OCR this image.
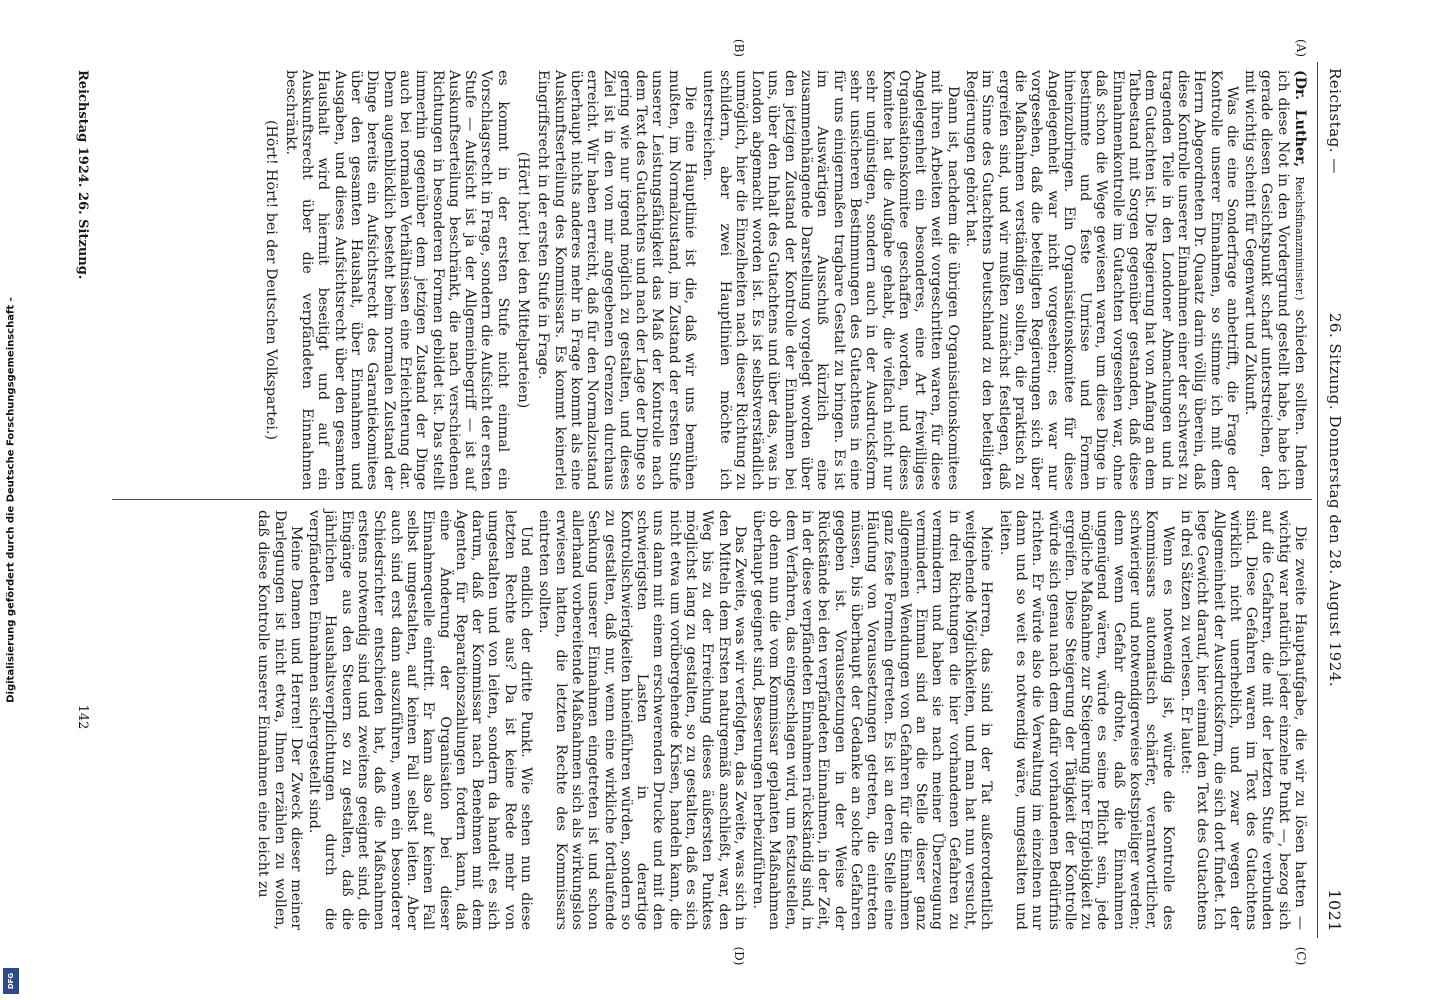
Digitalisierung gefördert durch die Deutsche Forschungsgemeinschaft -
DFG
Reichstag. —
26. Sitzung. Donnerstag den 28. August 1924.
1021
(A)
(B)
(C)
(D)

(Dr. Luther, Reichsfinanzminister.) schieden sollten. Indem ich diese Not in den Vordergrund gestellt habe, habe ich gerade diesen Gesichtspunkt scharf unterstreichen, der mit wichtig scheint für Gegenwart und Zukunft.

Was die eine Sonderfrage anbetrifft, die Frage der Kontrolle unserer Einnahmen, so stimme ich mit dem Herrn Abgeordneten Dr. Quaatz darin völlig überein, daß diese Kontrolle unserer Einnahmen einer der schwerst zu tragenden Teile in den Londoner Abmachungen und in dem Gutachten ist. Die Regierung hat von Anfang an dem Tatbestand mit Sorgen gegenüber gestanden, daß diese Einnahmenkontrolle im Gutachten vorgesehen war, ohne daß schon die Wege gewiesen waren, um diese Dinge in bestimmte und feste Umrisse und Formen hineinzubringen. Ein Organisationskomitee für diese Angelegenheit war nicht vorgesehen; es war nur vorgesehen, daß die beteiligten Regierungen sich über die Maßnahmen verständigen sollten, die praktisch zu ergreifen sind, und wir mußten zunächst festlegen, daß im Sinne des Gutachtens Deutschland zu den beteiligten Regierungen gehört hat.

Dann ist, nachdem die übrigen Organisationskomitees mit ihren Arbeiten weit vorgeschritten waren, für diese Angelegenheit ein besonderes, eine Art freiwilliges Organisationskomitee geschaffen worden, und dieses Komitee hat die Aufgabe gehabt, die vielfach nicht nur sehr ungünstigen, sondern auch in der Ausdrucksform sehr unsicheren Bestimmungen des Gutachtens in eine für uns einigermaßen tragbare Gestalt zu bringen. Es ist im Auswärtigen Ausschuß kürzlich eine zusammenhängende Darstellung vorgelegt worden über den jetzigen Zustand der Kontrolle der Einnahmen bei uns, über den Inhalt des Gutachtens und über das, was in London abgemacht worden ist. Es ist selbstverständlich unmöglich, hier die Einzelheiten nach dieser Richtung zu schildern, aber zwei Hauptlinien möchte ich unterstreichen.

Die eine Hauptlinie ist die, daß wir uns bemühen mußten, im Normalzustand, im Zustand der ersten Stufe unserer Leistungsfähigkeit das Maß der Kontrolle nach dem Text des Gutachtens und nach der Lage der Dinge so gering wie nur irgend möglich zu gestalten, und dieses Ziel ist in den von mir angegebenen Grenzen durchaus erreicht. Wir haben erreicht, daß für den Normalzustand überhaupt nichts anderes mehr in Frage kommt als eine Auskunftserteilung des Kommissars. Es kommt keinerlei Eingriffsrecht in der ersten Stufe in Frage.

(Hört! hört! bei den Mittelparteien)

es kommt in der ersten Stufe nicht einmal ein Vorschlagsrecht in Frage, sondern die Aufsicht der ersten Stufe — Aufsicht ist ja der Allgemeinbegriff — ist auf Auskunftserteilung beschränkt, die nach verschiedenen Richtungen in besonderen Formen gebildet ist. Das stellt immerhin gegenüber dem jetzigen Zustand der Dinge auch bei normalen Verhältnissen eine Erleichterung dar. Denn augenblicklich besteht beim normalen Zustand der Dinge bereits ein Aufsichtsrecht des Garantiekomitees über den gesamten Haushalt, über Einnahmen und Ausgaben, und dieses Aufsichtsrecht über den gesamten Haushalt wird hiermit beseitigt und auf ein Auskunftsrecht über die verpfändeten Einnahmen beschränkt.

(Hört! Hört! bei der Deutschen Volkspartei.)

Die zweite Hauptaufgabe, die wir zu lösen hatten — wichtig war natürlich jeder einzelne Punkt —, bezog sich auf die Gefahren, die mit der letzten Stufe verbunden sind. Diese Gefahren waren im Text des Gutachtens wirklich nicht unerheblich, und zwar wegen der Allgemeinheit der Ausdrucksform, die sich dort findet. Ich lege Gewicht darauf, hier einmal den Text des Gutachtens in drei Sätzen zu verlesen. Er lautet:

Wenn es notwendig ist, würde die Kontrolle des Kommissars automatisch schärfer, verantwortlicher, schwieriger und notwendigerweise kostspieliger werden; denn wenn Gefahr drohte, daß die Einnahmen ungenügend wären, würde es seine Pflicht sein, jede mögliche Maßnahme zur Steigerung ihrer Ergiebigkeit zu ergreifen. Diese Steigerung der Tätigkeit der Kontrolle würde sich genau nach dem dafür vorhandenen Bedürfnis richten. Er würde also die Verwaltung im einzelnen nur dann und so weit es notwendig wäre, umgestalten und leiten.

Meine Herren, das sind in der Tat außerordentlich weitgehende Möglichkeiten, und man hat nun versucht, in drei Richtungen die hier vorhandenen Gefahren zu vermindern und haben sie nach meiner Überzeugung vermindert. Einmal sind an die Stelle dieser ganz allgemeinen Wendungen von Gefahren für die Einnahmen ganz feste Formeln getreten. Es ist an deren Stelle eine Häufung von Voraussetzungen getreten, die eintreten müssen, bis überhaupt der Gedanke an solche Gefahren gegeben ist. Voraussetzungen in der Weise der Rückstände bei den verpfändeten Einnahmen, in der Zeit, in der diese verpfändeten Einnahmen rückständig sind, in dem Verfahren, das eingeschlagen wird, um festzustellen, ob denn nun die vom Kommissar geplanten Maßnahmen überhaupt geeignet sind, Besserungen herbeizuführen.

Das Zweite, was wir verfolgten, das Zweite, was sich in den Mitteln dem Ersten naturgemäß anschließt, war, den Weg bis zu der Erreichung dieses äußersten Punktes möglichst lang zu gestalten, so zu gestalten, daß es sich nicht etwa um vorübergehende Krisen, handeln kann, die uns dann mit einem erschwerenden Drucke und mit den schwierigsten Lasten in derartige Kontrollschwierigkeiten hineinführen würden, sondern so zu gestalten, daß nur, wenn eine wirkliche fortlaufende Senkung unserer Einnahmen eingetreten ist und schon allerhand vorbereitende Maßnahmen sich als wirkungslos erwiesen hatten, die letzten Rechte des Kommissars eintreten sollten.

Und endlich der dritte Punkt. Wie sehen nun diese letzten Rechte aus? Da ist keine Rede mehr von umgestalten und von leiten, sondern da handelt es sich darum, daß der Kommissar nach Benehmen mit dem Agenten für Reparationszahlungen fordern kann, daß eine Änderung der Organisation bei dieser Einnahmequelle eintritt. Er kann also auf keinen Fall selbst umgestalten, auf keinen Fall selbst leiten. Aber auch sind erst dann auszuführen, wenn ein besonderer Schiedsrichter entschieden hat, daß die Maßnahmen erstens notwendig sind und zweitens geeignet sind, die Eingänge aus den Steuern so zu gestalten, daß die jährlichen Haushaltsverpflichtungen durch die verpfändeten Einnahmen sichergestellt sind.

Meine Damen und Herren! Der Zweck dieser meiner Darlegungen ist nicht etwa, Ihnen erzählen zu wollen, daß diese Kontrolle unserer Einnahmen eine leicht zu

Reichstag 1924. 26. Sitzung.
142
